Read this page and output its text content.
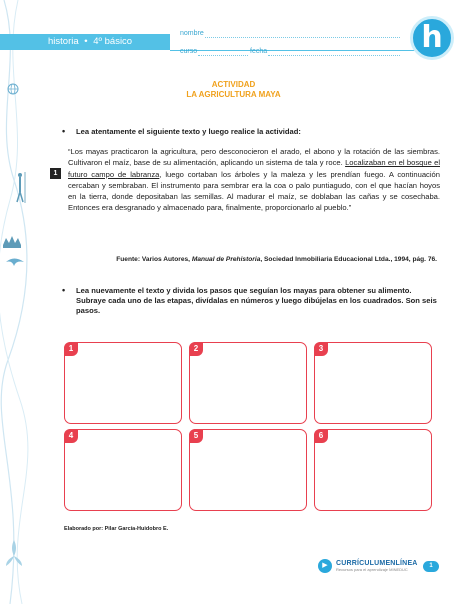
historia • 4º básico
nombre
curso	fecha	h
ACTIVIDAD
LA AGRICULTURA MAYA
• Lea atentamente el siguiente texto y luego realice la actividad:
1
“Los mayas practicaron la agricultura, pero desconocieron el arado, el abono y la rotación de las siembras. Cultivaron el maíz, base de su alimentación, aplicando un sistema de tala y roce. Localizaban en el bosque el futuro campo de labranza, luego cortaban los árboles y la maleza y les prendían fuego. A continuación cercaban y sembraban. El instrumento para sembrar era la coa o palo puntiagudo, con el que hacían hoyos en la tierra, donde depositaban las semillas. Al madurar el maíz, se doblaban las cañas y se cosechaba. Entonces era desgranado y almacenado para, finalmente, proporcionarlo al pueblo.”
Fuente: Varios Autores, Manual de Prehistoria, Sociedad Inmobiliaria Educacional Ltda., 1994, pág. 76.
• Lea nuevamente el texto y divida los pasos que seguían los mayas para obtener su alimento. Subraye cada uno de las etapas, divídalas en números y luego dibújelas en los cuadrados. Son seis pasos.
1	2	3
4	5	6
Elaborado por: Pilar García-Huidobro E.
▶	CURRÍCULUMENLÍNEA
Recursos para el aprendizaje MINEDUC
1
